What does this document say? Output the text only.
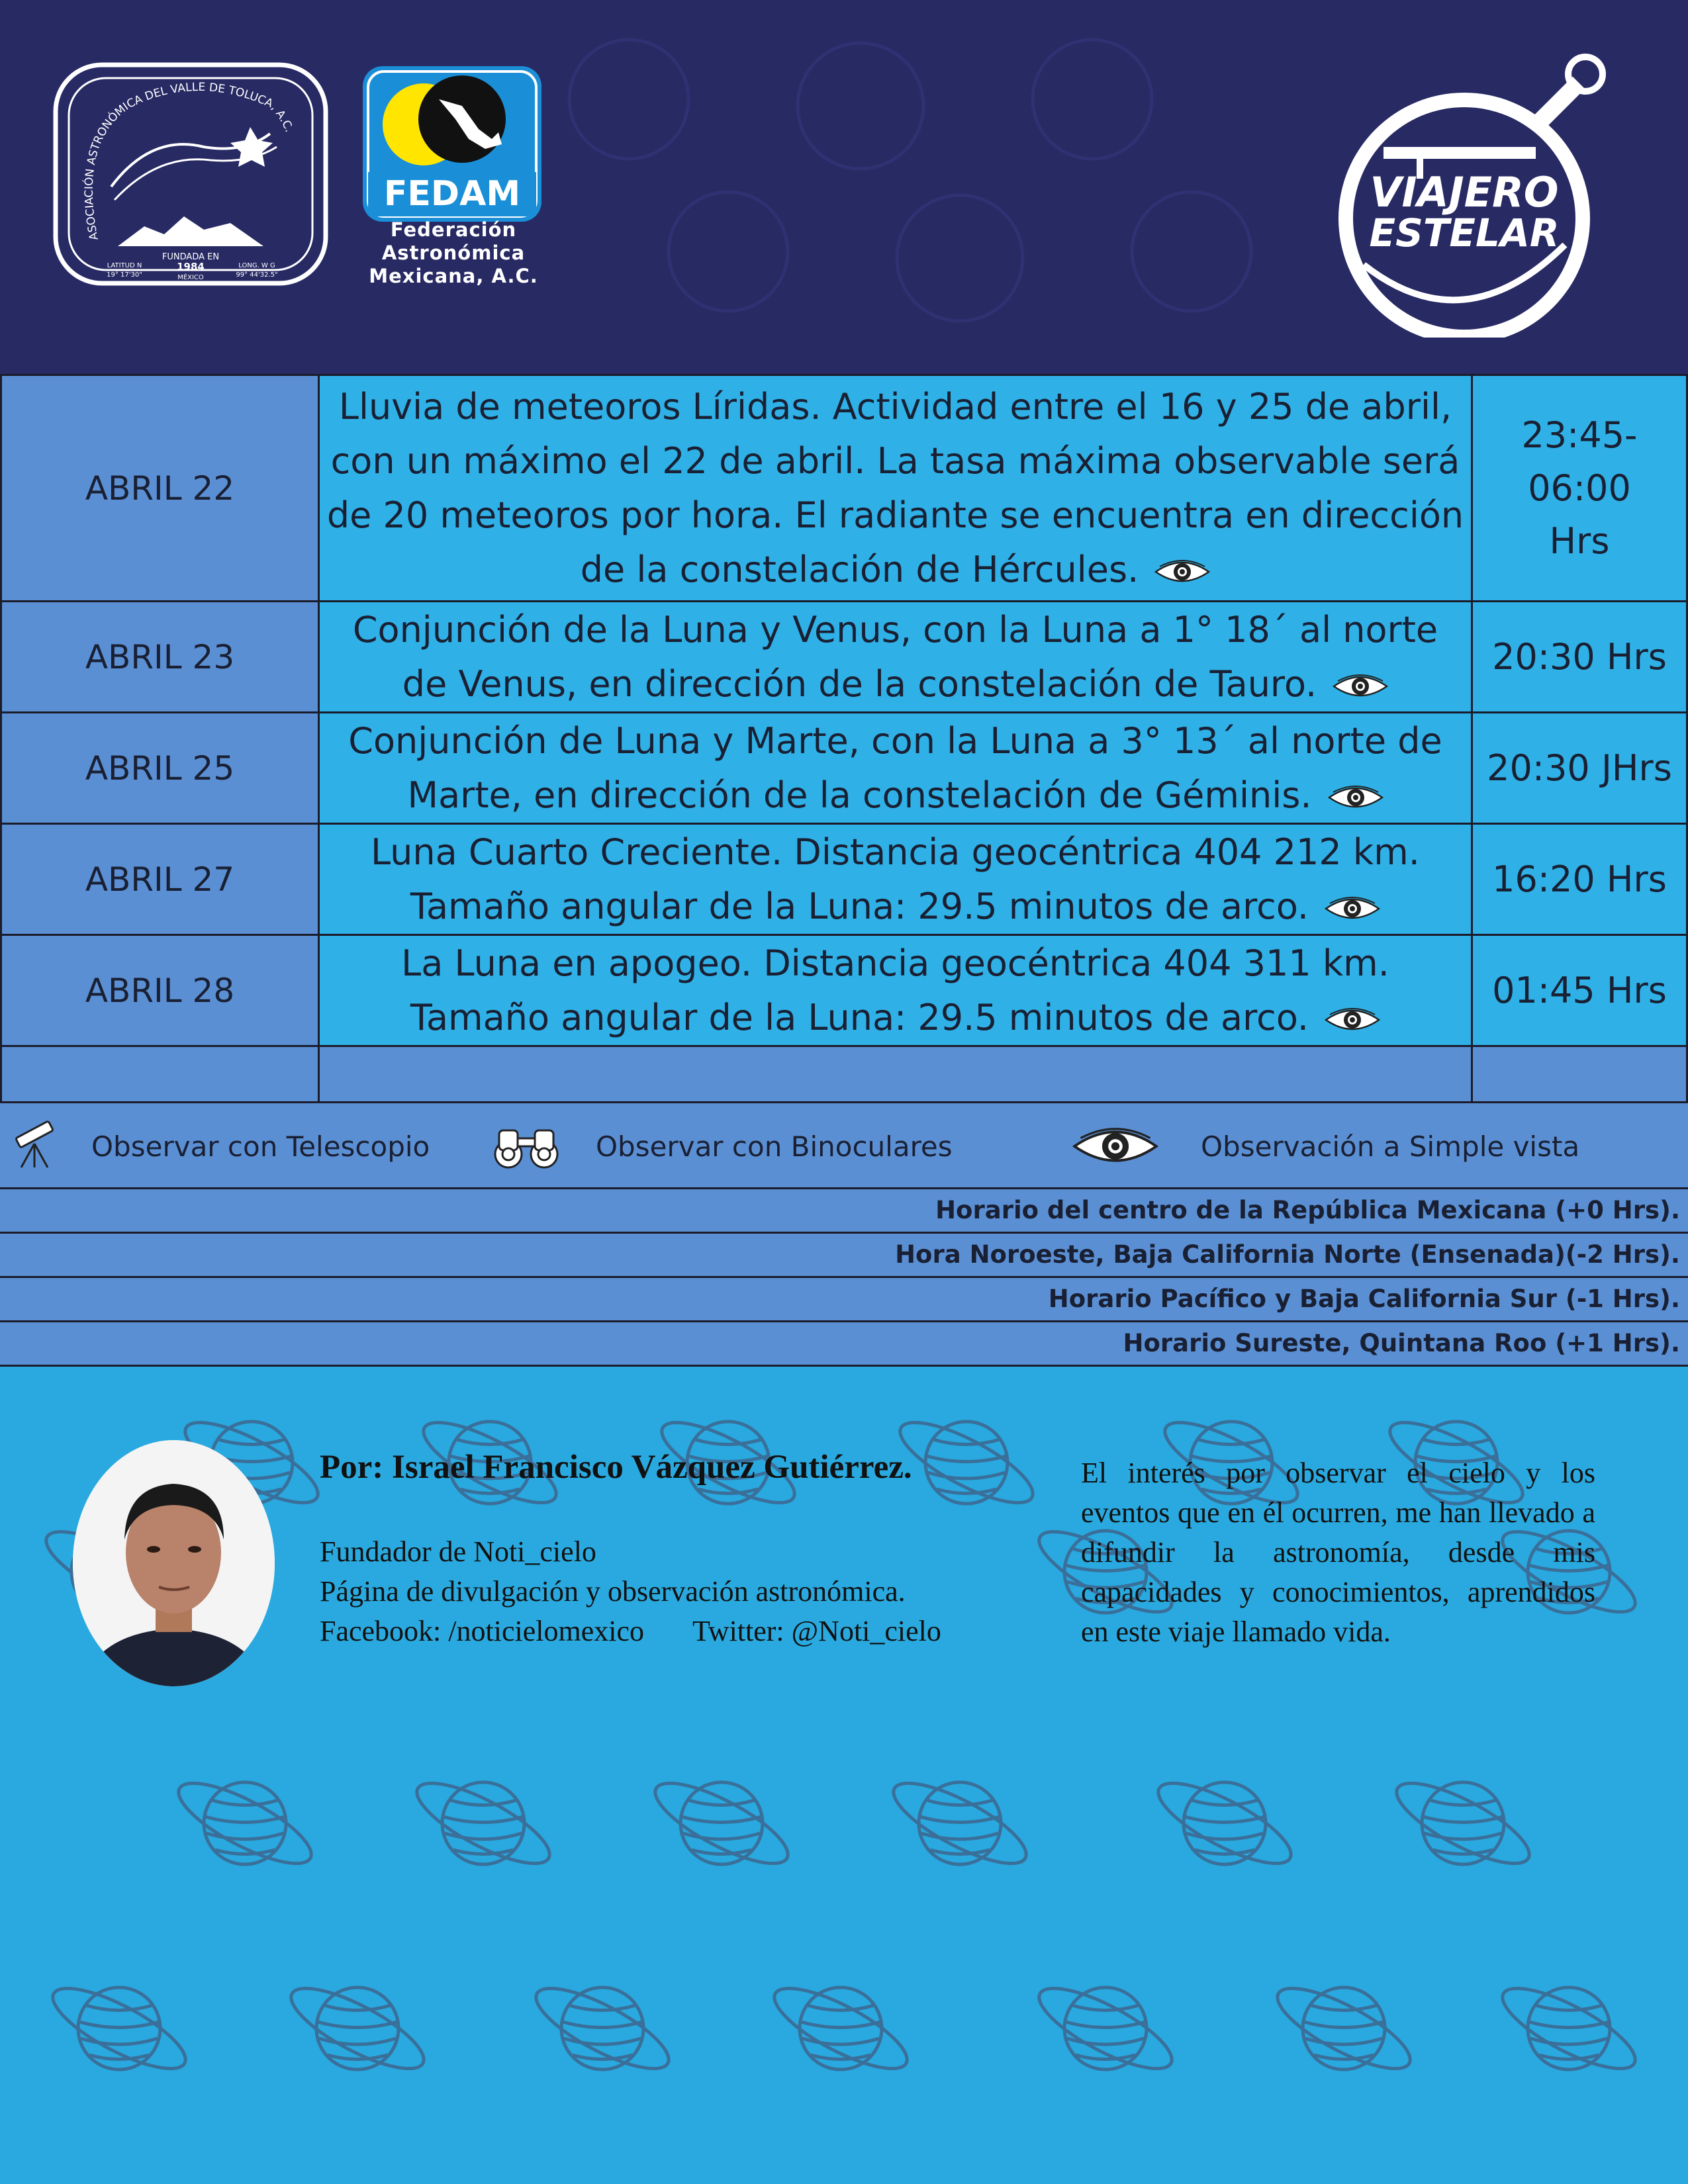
FUNDADA EN
1984
MÉXICO
LATITUD N
19° 17'30"
LONG. W G
99° 44'32.5"
ASOCIACIÓN ASTRONÓMICA DEL VALLE DE TOLUCA, A.C.
FEDAM
Federación
Astronómica
Mexicana, A.C.
VIAJERO
ESTELAR
ABRIL 22
Lluvia de meteoros Líridas. Actividad entre el 16 y 25 de abril, con un máximo el 22 de abril. La tasa máxima observable será de 20 meteoros por hora. El radiante se encuentra en dirección de la constelación de Hércules.
23:45-06:00 Hrs
ABRIL 23
Conjunción de la Luna y Venus, con la Luna a 1° 18´ al norte de Venus, en dirección de la constelación de Tauro.
20:30 Hrs
ABRIL 25
Conjunción de Luna y Marte, con la Luna a 3° 13´ al norte de Marte, en dirección de la constelación de Géminis.
20:30 JHrs
ABRIL 27
Luna Cuarto Creciente. Distancia geocéntrica 404 212 km. Tamaño angular de la Luna: 29.5 minutos de arco.
16:20 Hrs
ABRIL 28
La Luna en apogeo. Distancia geocéntrica 404 311 km. Tamaño angular de la Luna: 29.5 minutos de arco.
01:45 Hrs
Observar con Telescopio	Observar con Binoculares	Observación a Simple vista
Horario del centro de la República Mexicana (+0 Hrs).
Hora Noroeste, Baja California Norte (Ensenada)(-2 Hrs).
Horario Pacífico y Baja California Sur (-1 Hrs).
Horario Sureste, Quintana Roo (+1 Hrs).
Por: Israel Francisco Vázquez Gutiérrez.
Fundador de Noti_cielo
Página de divulgación y observación astronómica.
Facebook: /noticielomexico Twitter: @Noti_cielo
El interés por observar el cielo y los eventos que en él ocurren, me han llevado a difundir la astronomía, desde mis capacidades y conocimientos, aprendidos en este viaje llamado vida.
